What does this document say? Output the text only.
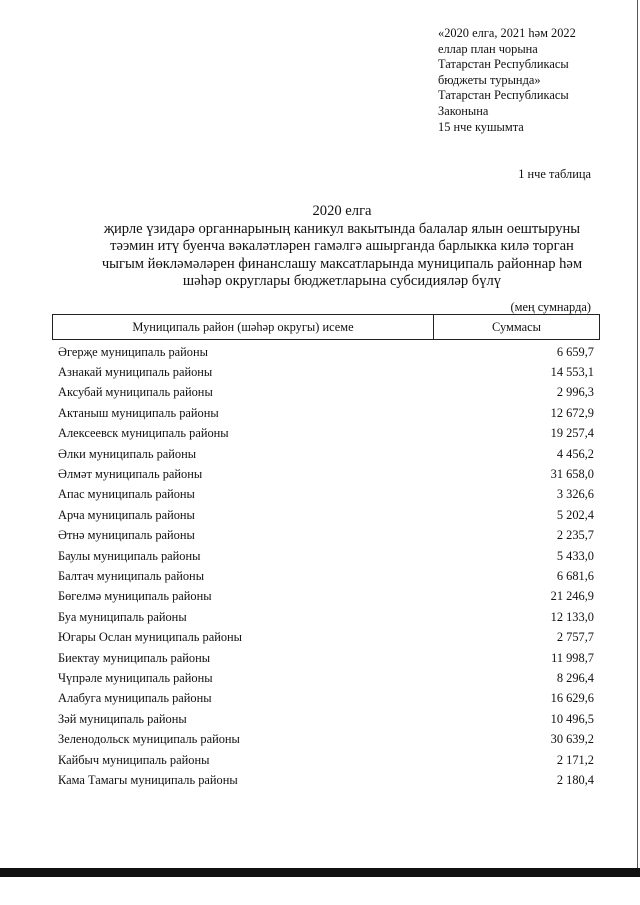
«2020 елга, 2021 һәм 2022
еллар план чорына
Татарстан Республикасы
бюджеты турында»
Татарстан Республикасы
Законына
15 нче кушымта
1 нче таблица
2020 елга
җирле үзидарә органнарының каникул вакытында балалар ялын оештыруны
тәэмин итү буенча вәкаләтләрен гамәлгә ашырганда барлыкка килә торган
чыгым йөкләмәләрен финанслашу максатларында муниципаль районнар һәм
шәһәр округлары бюджетларына субсидияләр бүлү
(мең сумнарда)
Муниципаль район (шәһәр округы) исеме	Суммасы
Әгерҗе муниципаль районы	6 659,7
Азнакай муниципаль районы	14 553,1
Аксубай муниципаль районы	2 996,3
Актаныш муниципаль районы	12 672,9
Алексеевск муниципаль районы	19 257,4
Әлки муниципаль районы	4 456,2
Әлмәт муниципаль районы	31 658,0
Апас муниципаль районы	3 326,6
Арча муниципаль районы	5 202,4
Әтнә муниципаль районы	2 235,7
Баулы муниципаль районы	5 433,0
Балтач муниципаль районы	6 681,6
Бөгелмә муниципаль районы	21 246,9
Буа муниципаль районы	12 133,0
Югары Ослан муниципаль районы	2 757,7
Биектау муниципаль районы	11 998,7
Чүпрәле муниципаль районы	8 296,4
Алабуга муниципаль районы	16 629,6
Зәй муниципаль районы	10 496,5
Зеленодольск муниципаль районы	30 639,2
Кайбыч муниципаль районы	2 171,2
Кама Тамагы муниципаль районы	2 180,4
